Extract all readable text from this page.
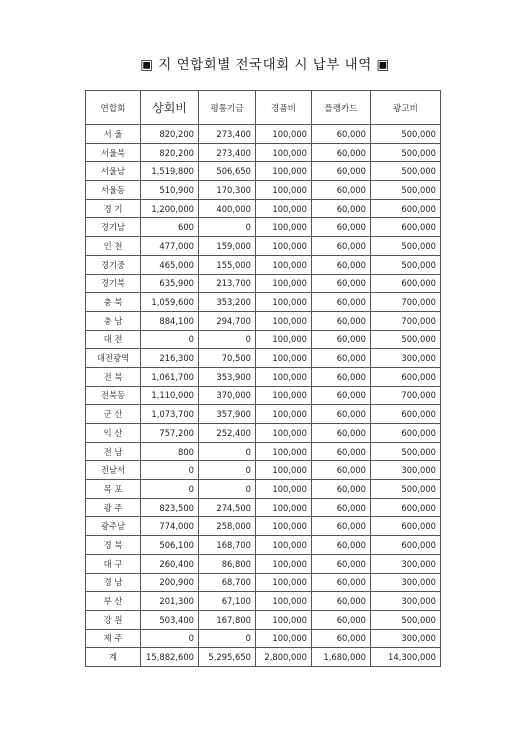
▣ 지 연합회별 전국대회 시 납부 내역 ▣
연합회	상회비	평통기금	경품비	플랭카드	광고비
서 울	820,200	273,400	100,000	60,000	500,000
서울북	820,200	273,400	100,000	60,000	500,000
서울남	1,519,800	506,650	100,000	60,000	500,000
서울동	510,900	170,300	100,000	60,000	500,000
경 기	1,200,000	400,000	100,000	60,000	600,000
경기남	600	0	100,000	60,000	600,000
인 천	477,000	159,000	100,000	60,000	500,000
경기중	465,000	155,000	100,000	60,000	500,000
경기북	635,900	213,700	100,000	60,000	600,000
충 북	1,059,600	353,200	100,000	60,000	700,000
충 남	884,100	294,700	100,000	60,000	700,000
대 전	0	0	100,000	60,000	500,000
대전광역	216,300	70,500	100,000	60,000	300,000
전 북	1,061,700	353,900	100,000	60,000	600,000
전북동	1,110,000	370,000	100,000	60,000	700,000
군 산	1,073,700	357,900	100,000	60,000	600,000
익 산	757,200	252,400	100,000	60,000	600,000
전 남	800	0	100,000	60,000	500,000
전남서	0	0	100,000	60,000	300,000
목 포	0	0	100,000	60,000	500,000
광 주	823,500	274,500	100,000	60,000	600,000
광주남	774,000	258,000	100,000	60,000	600,000
경 북	506,100	168,700	100,000	60,000	600,000
대 구	260,400	86,800	100,000	60,000	300,000
경 남	200,900	68,700	100,000	60,000	300,000
부 산	201,300	67,100	100,000	60,000	300,000
강 원	503,400	167,800	100,000	60,000	500,000
제 주	0	0	100,000	60,000	300,000
계	15,882,600	5,295,650	2,800,000	1,680,000	14,300,000
